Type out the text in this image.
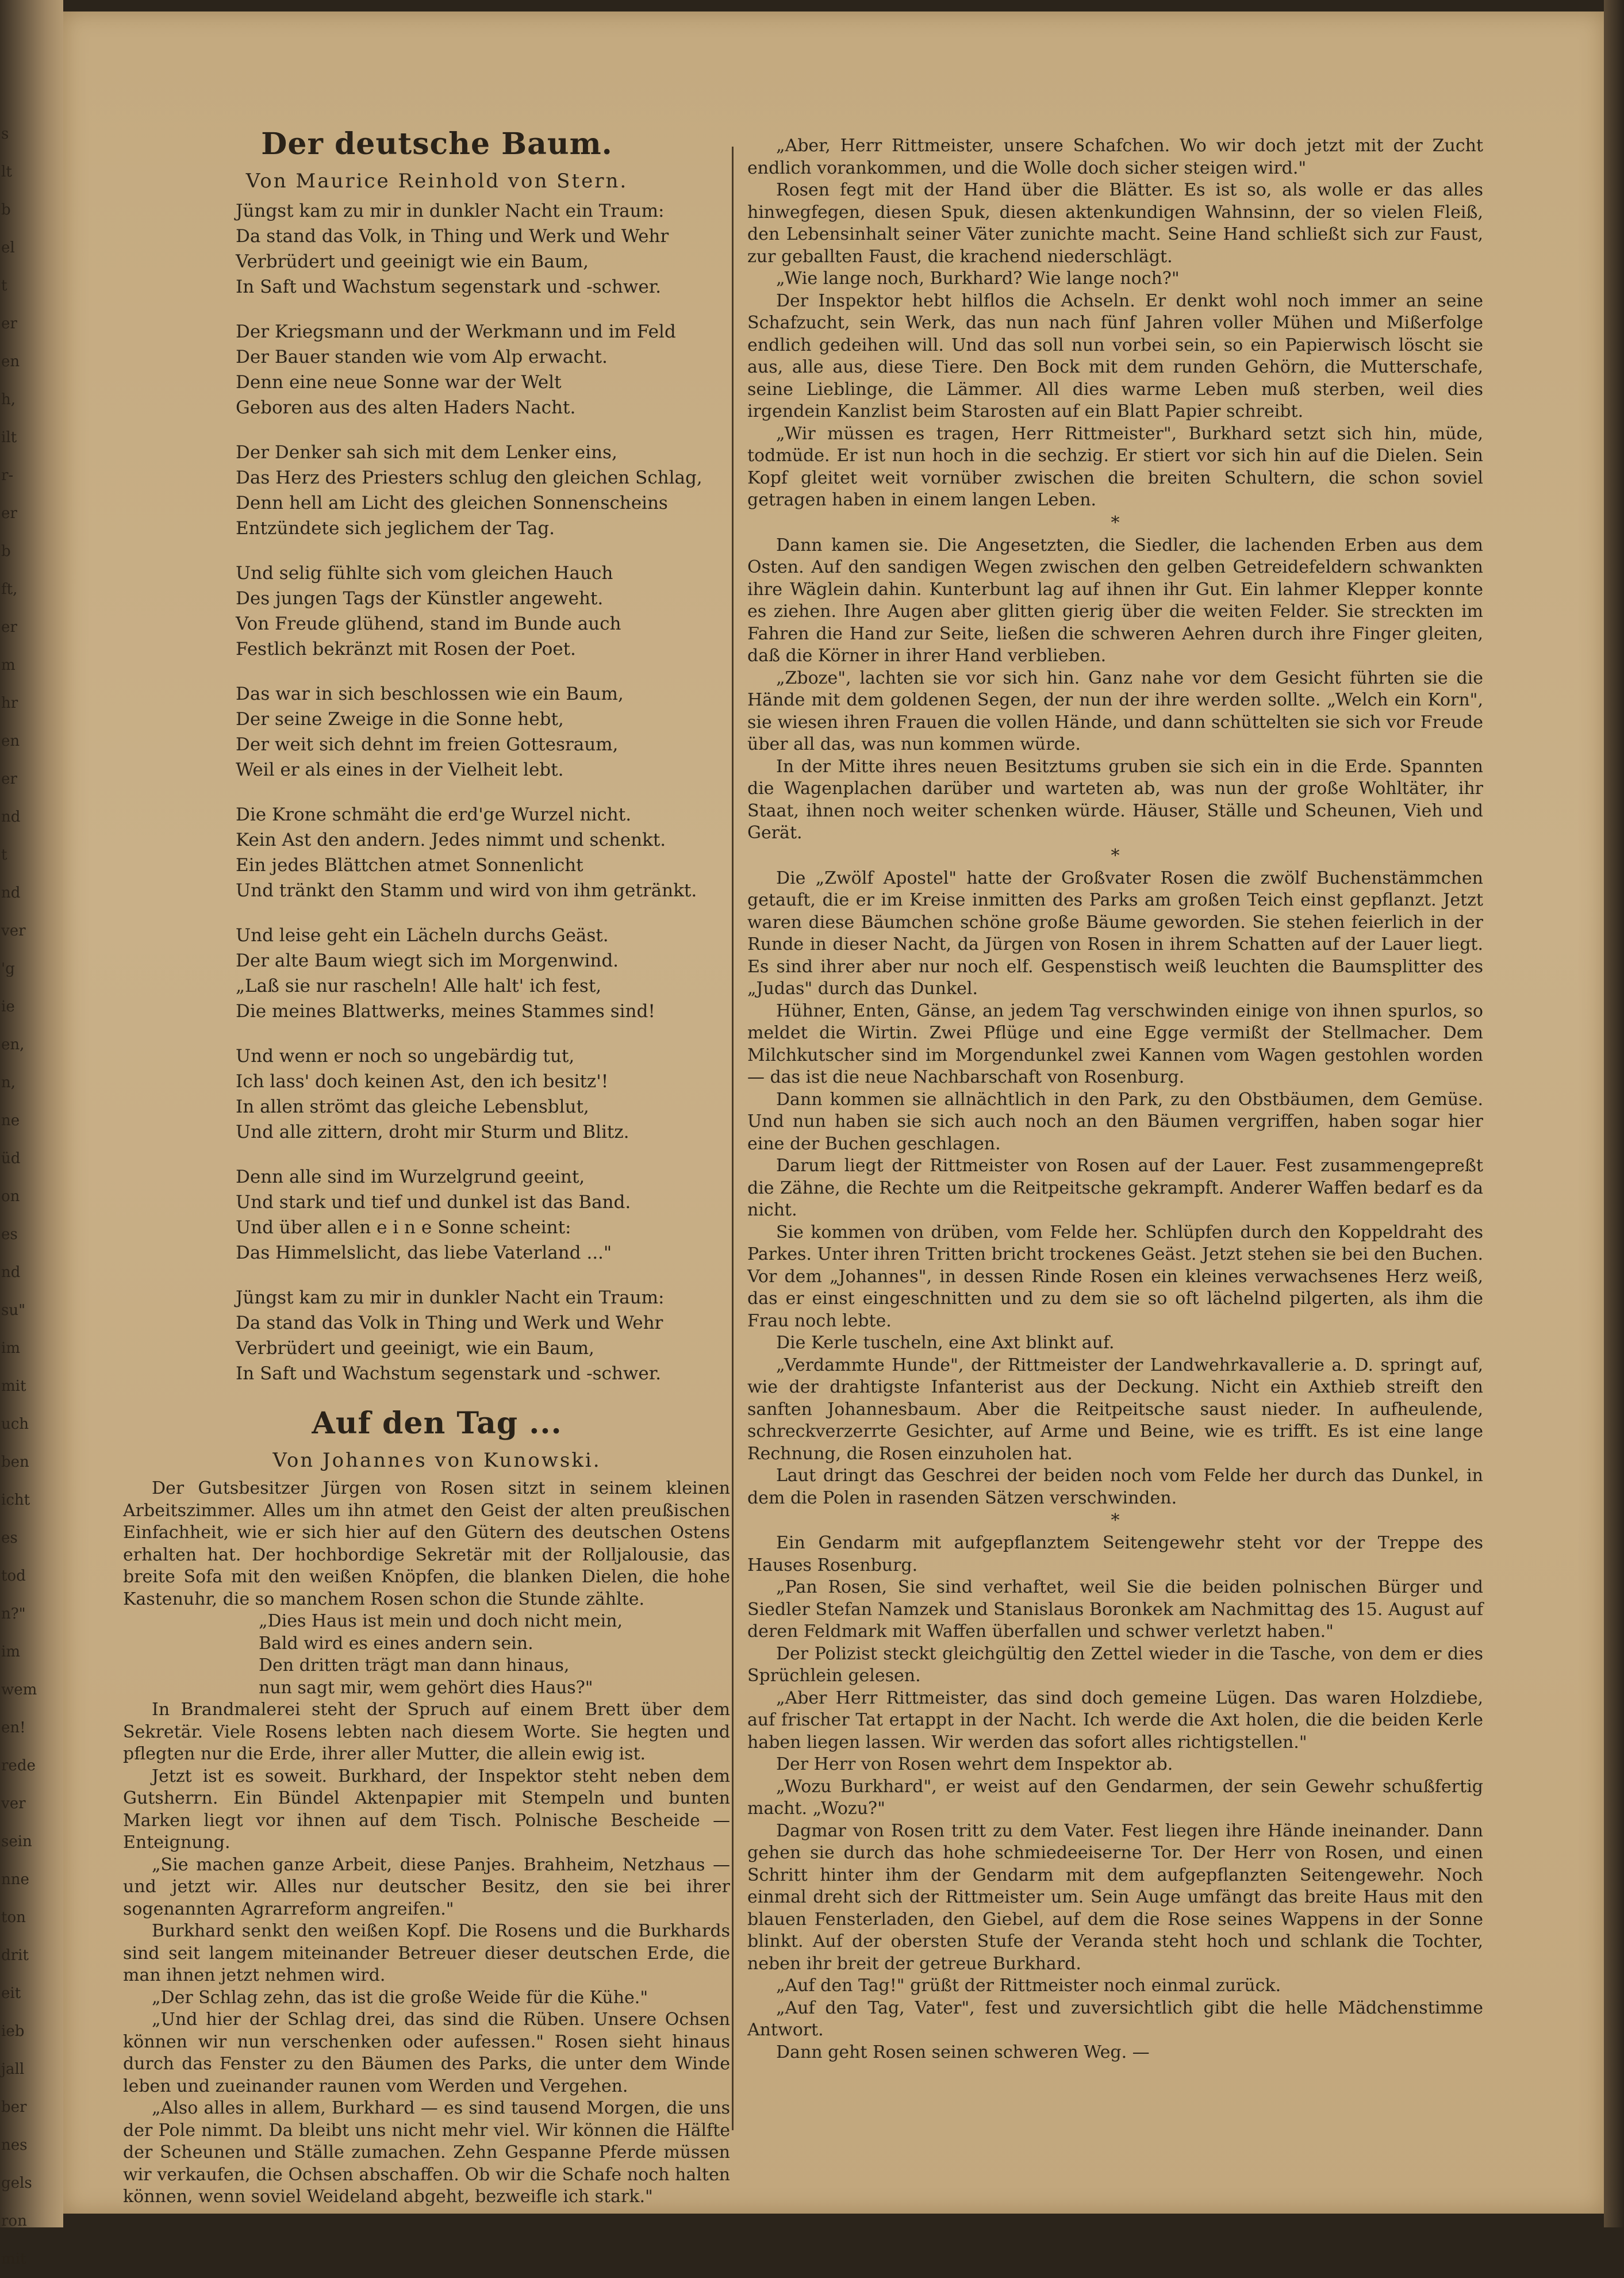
s
lt
b
el
t
er
en
h,
ilt
r-
er
b
ft,
er
m
hr
en
er
nd
t
nd
ver
'g
ie
en,
n,
ne
üd
on
es
nd
su"
im
mit
uch
ben
icht
es
tod
n?"
im
wem
en!
rede
ver
sein
nne
ton
drit
eit
ieb
jall
ber
nes
gels
ron
mit
Der deutsche Baum.
Von Maurice Reinhold von Stern.
Jüngst kam zu mir in dunkler Nacht ein Traum:
Da stand das Volk, in Thing und Werk und Wehr
Verbrüdert und geeinigt wie ein Baum,
In Saft und Wachstum segenstark und -schwer.
Der Kriegsmann und der Werkmann und im Feld
Der Bauer standen wie vom Alp erwacht.
Denn eine neue Sonne war der Welt
Geboren aus des alten Haders Nacht.
Der Denker sah sich mit dem Lenker eins,
Das Herz des Priesters schlug den gleichen Schlag,
Denn hell am Licht des gleichen Sonnenscheins
Entzündete sich jeglichem der Tag.
Und selig fühlte sich vom gleichen Hauch
Des jungen Tags der Künstler angeweht.
Von Freude glühend, stand im Bunde auch
Festlich bekränzt mit Rosen der Poet.
Das war in sich beschlossen wie ein Baum,
Der seine Zweige in die Sonne hebt,
Der weit sich dehnt im freien Gottesraum,
Weil er als eines in der Vielheit lebt.
Die Krone schmäht die erd'ge Wurzel nicht.
Kein Ast den andern. Jedes nimmt und schenkt.
Ein jedes Blättchen atmet Sonnenlicht
Und tränkt den Stamm und wird von ihm getränkt.
Und leise geht ein Lächeln durchs Geäst.
Der alte Baum wiegt sich im Morgenwind.
„Laß sie nur rascheln! Alle halt' ich fest,
Die meines Blattwerks, meines Stammes sind!
Und wenn er noch so ungebärdig tut,
Ich lass' doch keinen Ast, den ich besitz'!
In allen strömt das gleiche Lebensblut,
Und alle zittern, droht mir Sturm und Blitz.
Denn alle sind im Wurzelgrund geeint,
Und stark und tief und dunkel ist das Band.
Und über allen e i n e Sonne scheint:
Das Himmelslicht, das liebe Vaterland ..."
Jüngst kam zu mir in dunkler Nacht ein Traum:
Da stand das Volk in Thing und Werk und Wehr
Verbrüdert und geeinigt, wie ein Baum,
In Saft und Wachstum segenstark und -schwer.
Auf den Tag ...
Von Johannes von Kunowski.

Der Gutsbesitzer Jürgen von Rosen sitzt in seinem kleinen Arbeitszimmer. Alles um ihn atmet den Geist der alten preußischen Einfachheit, wie er sich hier auf den Gütern des deutschen Ostens erhalten hat. Der hochbordige Sekretär mit der Rolljalousie, das breite Sofa mit den weißen Knöpfen, die blanken Dielen, die hohe Kastenuhr, die so manchem Rosen schon die Stunde zählte.

„Dies Haus ist mein und doch nicht mein,
Bald wird es eines andern sein.
Den dritten trägt man dann hinaus,
nun sagt mir, wem gehört dies Haus?"

In Brandmalerei steht der Spruch auf einem Brett über dem Sekretär. Viele Rosens lebten nach diesem Worte. Sie hegten und pflegten nur die Erde, ihrer aller Mutter, die allein ewig ist.

Jetzt ist es soweit. Burkhard, der Inspektor steht neben dem Gutsherrn. Ein Bündel Aktenpapier mit Stempeln und bunten Marken liegt vor ihnen auf dem Tisch. Polnische Bescheide — Enteignung.

„Sie machen ganze Arbeit, diese Panjes. Brahheim, Netzhaus — und jetzt wir. Alles nur deutscher Besitz, den sie bei ihrer sogenannten Agrarreform angreifen."

Burkhard senkt den weißen Kopf. Die Rosens und die Burkhards sind seit langem miteinander Betreuer dieser deutschen Erde, die man ihnen jetzt nehmen wird.

„Der Schlag zehn, das ist die große Weide für die Kühe."

„Und hier der Schlag drei, das sind die Rüben. Unsere Ochsen können wir nun verschenken oder aufessen." Rosen sieht hinaus durch das Fenster zu den Bäumen des Parks, die unter dem Winde leben und zueinander raunen vom Werden und Vergehen.

„Also alles in allem, Burkhard — es sind tausend Morgen, die uns der Pole nimmt. Da bleibt uns nicht mehr viel. Wir können die Hälfte der Scheunen und Ställe zumachen. Zehn Gespanne Pferde müssen wir verkaufen, die Ochsen abschaffen. Ob wir die Schafe noch halten können, wenn soviel Weideland abgeht, bezweifle ich stark."

„Aber, Herr Rittmeister, unsere Schafchen. Wo wir doch jetzt mit der Zucht endlich vorankommen, und die Wolle doch sicher steigen wird."

Rosen fegt mit der Hand über die Blätter. Es ist so, als wolle er das alles hinwegfegen, diesen Spuk, diesen aktenkundigen Wahnsinn, der so vielen Fleiß, den Lebensinhalt seiner Väter zunichte macht. Seine Hand schließt sich zur Faust, zur geballten Faust, die krachend niederschlägt.

„Wie lange noch, Burkhard? Wie lange noch?"

Der Inspektor hebt hilflos die Achseln. Er denkt wohl noch immer an seine Schafzucht, sein Werk, das nun nach fünf Jahren voller Mühen und Mißerfolge endlich gedeihen will. Und das soll nun vorbei sein, so ein Papierwisch löscht sie aus, alle aus, diese Tiere. Den Bock mit dem runden Gehörn, die Mutterschafe, seine Lieblinge, die Lämmer. All dies warme Leben muß sterben, weil dies irgendein Kanzlist beim Starosten auf ein Blatt Papier schreibt.

„Wir müssen es tragen, Herr Rittmeister", Burkhard setzt sich hin, müde, todmüde. Er ist nun hoch in die sechzig. Er stiert vor sich hin auf die Dielen. Sein Kopf gleitet weit vornüber zwischen die breiten Schultern, die schon soviel getragen haben in einem langen Leben.

*

Dann kamen sie. Die Angesetzten, die Siedler, die lachenden Erben aus dem Osten. Auf den sandigen Wegen zwischen den gelben Getreidefeldern schwankten ihre Wäglein dahin. Kunterbunt lag auf ihnen ihr Gut. Ein lahmer Klepper konnte es ziehen. Ihre Augen aber glitten gierig über die weiten Felder. Sie streckten im Fahren die Hand zur Seite, ließen die schweren Aehren durch ihre Finger gleiten, daß die Körner in ihrer Hand verblieben.

„Zboze", lachten sie vor sich hin. Ganz nahe vor dem Gesicht führten sie die Hände mit dem goldenen Segen, der nun der ihre werden sollte. „Welch ein Korn", sie wiesen ihren Frauen die vollen Hände, und dann schüttelten sie sich vor Freude über all das, was nun kommen würde.

In der Mitte ihres neuen Besitztums gruben sie sich ein in die Erde. Spannten die Wagenplachen darüber und warteten ab, was nun der große Wohltäter, ihr Staat, ihnen noch weiter schenken würde. Häuser, Ställe und Scheunen, Vieh und Gerät.

*

Die „Zwölf Apostel" hatte der Großvater Rosen die zwölf Buchenstämmchen getauft, die er im Kreise inmitten des Parks am großen Teich einst gepflanzt. Jetzt waren diese Bäumchen schöne große Bäume geworden. Sie stehen feierlich in der Runde in dieser Nacht, da Jürgen von Rosen in ihrem Schatten auf der Lauer liegt. Es sind ihrer aber nur noch elf. Gespenstisch weiß leuchten die Baumsplitter des „Judas" durch das Dunkel.

Hühner, Enten, Gänse, an jedem Tag verschwinden einige von ihnen spurlos, so meldet die Wirtin. Zwei Pflüge und eine Egge vermißt der Stellmacher. Dem Milchkutscher sind im Morgendunkel zwei Kannen vom Wagen gestohlen worden — das ist die neue Nachbarschaft von Rosenburg.

Dann kommen sie allnächtlich in den Park, zu den Obstbäumen, dem Gemüse. Und nun haben sie sich auch noch an den Bäumen vergriffen, haben sogar hier eine der Buchen geschlagen.

Darum liegt der Rittmeister von Rosen auf der Lauer. Fest zusammengepreßt die Zähne, die Rechte um die Reitpeitsche gekrampft. Anderer Waffen bedarf es da nicht.

Sie kommen von drüben, vom Felde her. Schlüpfen durch den Koppeldraht des Parkes. Unter ihren Tritten bricht trockenes Geäst. Jetzt stehen sie bei den Buchen. Vor dem „Johannes", in dessen Rinde Rosen ein kleines verwachsenes Herz weiß, das er einst eingeschnitten und zu dem sie so oft lächelnd pilgerten, als ihm die Frau noch lebte.

Die Kerle tuscheln, eine Axt blinkt auf.

„Verdammte Hunde", der Rittmeister der Landwehrkavallerie a. D. springt auf, wie der drahtigste Infanterist aus der Deckung. Nicht ein Axthieb streift den sanften Johannesbaum. Aber die Reitpeitsche saust nieder. In aufheulende, schreckverzerrte Gesichter, auf Arme und Beine, wie es trifft. Es ist eine lange Rechnung, die Rosen einzuholen hat.

Laut dringt das Geschrei der beiden noch vom Felde her durch das Dunkel, in dem die Polen in rasenden Sätzen verschwinden.

*

Ein Gendarm mit aufgepflanztem Seitengewehr steht vor der Treppe des Hauses Rosenburg.

„Pan Rosen, Sie sind verhaftet, weil Sie die beiden polnischen Bürger und Siedler Stefan Namzek und Stanislaus Boronkek am Nachmittag des 15. August auf deren Feldmark mit Waffen überfallen und schwer verletzt haben."

Der Polizist steckt gleichgültig den Zettel wieder in die Tasche, von dem er dies Sprüchlein gelesen.

„Aber Herr Rittmeister, das sind doch gemeine Lügen. Das waren Holzdiebe, auf frischer Tat ertappt in der Nacht. Ich werde die Axt holen, die die beiden Kerle haben liegen lassen. Wir werden das sofort alles richtigstellen."

Der Herr von Rosen wehrt dem Inspektor ab.

„Wozu Burkhard", er weist auf den Gendarmen, der sein Gewehr schußfertig macht. „Wozu?"

Dagmar von Rosen tritt zu dem Vater. Fest liegen ihre Hände ineinander. Dann gehen sie durch das hohe schmiedeeiserne Tor. Der Herr von Rosen, und einen Schritt hinter ihm der Gendarm mit dem aufgepflanzten Seitengewehr. Noch einmal dreht sich der Rittmeister um. Sein Auge umfängt das breite Haus mit den blauen Fensterladen, den Giebel, auf dem die Rose seines Wappens in der Sonne blinkt. Auf der obersten Stufe der Veranda steht hoch und schlank die Tochter, neben ihr breit der getreue Burkhard.

„Auf den Tag!" grüßt der Rittmeister noch einmal zurück.

„Auf den Tag, Vater", fest und zuversichtlich gibt die helle Mädchenstimme Antwort.

Dann geht Rosen seinen schweren Weg. —
